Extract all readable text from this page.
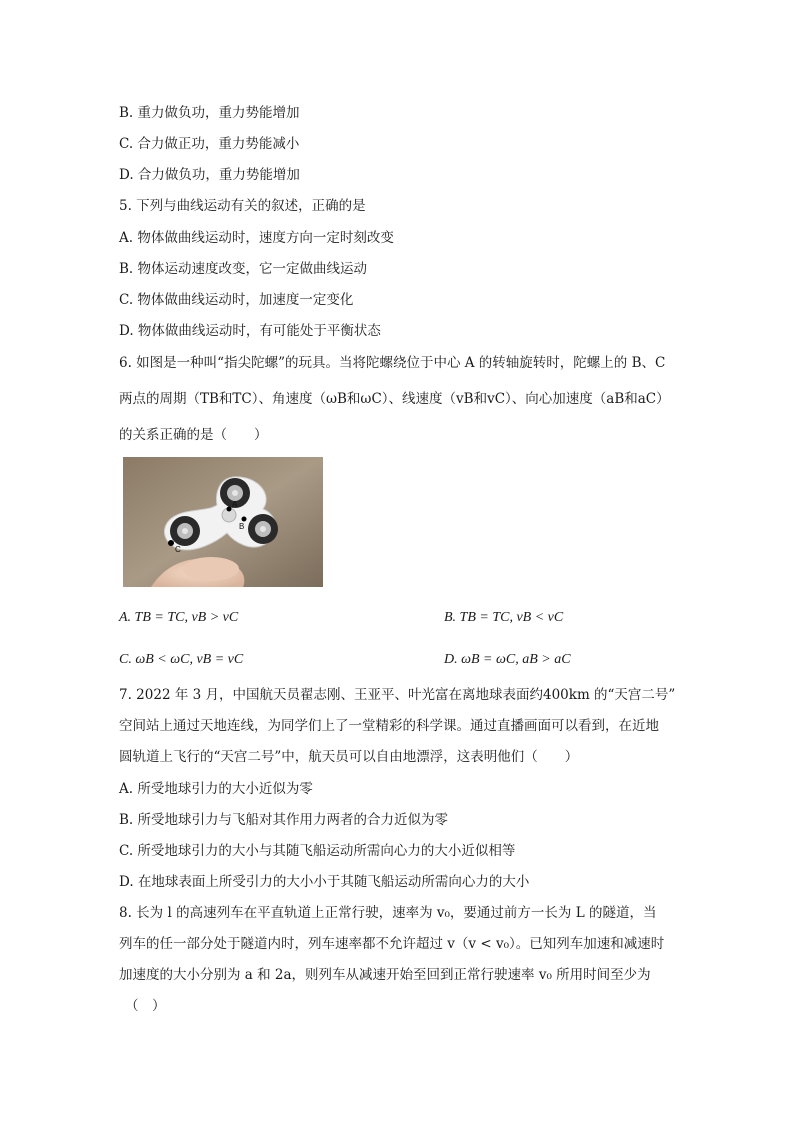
B. 重力做负功，重力势能增加
C. 合力做正功，重力势能减小
D. 合力做负功，重力势能增加
5. 下列与曲线运动有关的叙述，正确的是
A. 物体做曲线运动时，速度方向一定时刻改变
B. 物体运动速度改变，它一定做曲线运动
C. 物体做曲线运动时，加速度一定变化
D. 物体做曲线运动时，有可能处于平衡状态
6. 如图是一种叫“指尖陀螺”的玩具。当将陀螺绕位于中心 A 的转轴旋转时，陀螺上的 B、C
两点的周期（TB和TC）、角速度（ωB和ωC）、线速度（vB和vC）、向心加速度（aB和aC）
的关系正确的是（　　）
A
B
C
A. TB = TC, vB > vC	B. TB = TC, vB < vC
C. ωB < ωC, vB = vC	D. ωB = ωC, aB > aC
7. 2022 年 3 月，中国航天员翟志刚、王亚平、叶光富在离地球表面约400km 的“天宫二号”
空间站上通过天地连线，为同学们上了一堂精彩的科学课。通过直播画面可以看到，在近地
圆轨道上飞行的“天宫二号”中，航天员可以自由地漂浮，这表明他们（　　）
A. 所受地球引力的大小近似为零
B. 所受地球引力与飞船对其作用力两者的合力近似为零
C. 所受地球引力的大小与其随飞船运动所需向心力的大小近似相等
D. 在地球表面上所受引力的大小小于其随飞船运动所需向心力的大小
8. 长为 l 的高速列车在平直轨道上正常行驶，速率为 v₀，要通过前方一长为 L 的隧道，当
列车的任一部分处于隧道内时，列车速率都不允许超过 v（v < v₀）。已知列车加速和减速时
加速度的大小分别为 a 和 2a，则列车从减速开始至回到正常行驶速率 v₀ 所用时间至少为
（　）
